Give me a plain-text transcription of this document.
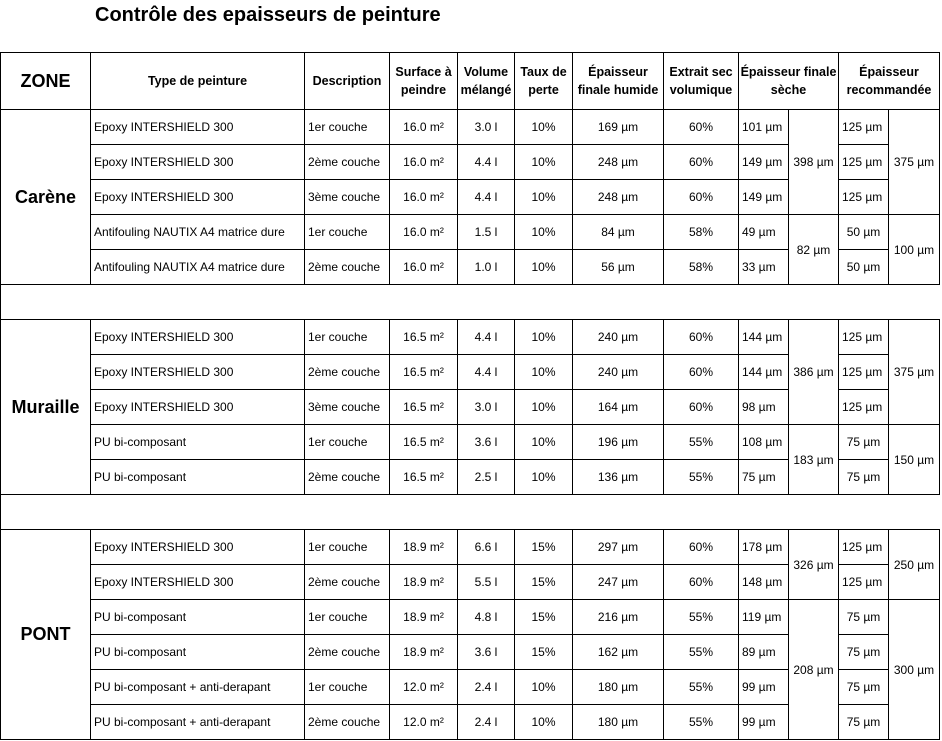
Contrôle des epaisseurs de peinture
ZONE	Type de peinture	Description	Surface à peindre	Volume mélangé	Taux de perte	Épaisseur finale humide	Extrait sec volumique	Épaisseur finale sèche		Épaisseur recommandée	
Carène	Epoxy INTERSHIELD 300	1er couche	16.0 m²	3.0 l	10%	169 µm	60%	101 µm	398 µm	125 µm	375 µm
	Epoxy INTERSHIELD 300	2ème couche	16.0 m²	4.4 l	10%	248 µm	60%	149 µm		125 µm	
	Epoxy INTERSHIELD 300	3ème couche	16.0 m²	4.4 l	10%	248 µm	60%	149 µm		125 µm	
	Antifouling NAUTIX A4 matrice dure	1er couche	16.0 m²	1.5 l	10%	84 µm	58%	49 µm	82 µm	50 µm	100 µm
	Antifouling NAUTIX A4 matrice dure	2ème couche	16.0 m²	1.0 l	10%	56 µm	58%	33 µm		50 µm	

Muraille	Epoxy INTERSHIELD 300	1er couche	16.5 m²	4.4 l	10%	240 µm	60%	144 µm	386 µm	125 µm	375 µm
	Epoxy INTERSHIELD 300	2ème couche	16.5 m²	4.4 l	10%	240 µm	60%	144 µm		125 µm	
	Epoxy INTERSHIELD 300	3ème couche	16.5 m²	3.0 l	10%	164 µm	60%	98 µm		125 µm	
	PU bi-composant	1er couche	16.5 m²	3.6 l	10%	196 µm	55%	108 µm	183 µm	75 µm	150 µm
	PU bi-composant	2ème couche	16.5 m²	2.5 l	10%	136 µm	55%	75 µm		75 µm	

PONT	Epoxy INTERSHIELD 300	1er couche	18.9 m²	6.6 l	15%	297 µm	60%	178 µm	326 µm	125 µm	250 µm
	Epoxy INTERSHIELD 300	2ème couche	18.9 m²	5.5 l	15%	247 µm	60%	148 µm		125 µm	
	PU bi-composant	1er couche	18.9 m²	4.8 l	15%	216 µm	55%	119 µm	208 µm	75 µm	300 µm
	PU bi-composant	2ème couche	18.9 m²	3.6 l	15%	162 µm	55%	89 µm		75 µm	
	PU bi-composant + anti-derapant	1er couche	12.0 m²	2.4 l	10%	180 µm	55%	99 µm		75 µm	
	PU bi-composant + anti-derapant	2ème couche	12.0 m²	2.4 l	10%	180 µm	55%	99 µm		75 µm	
